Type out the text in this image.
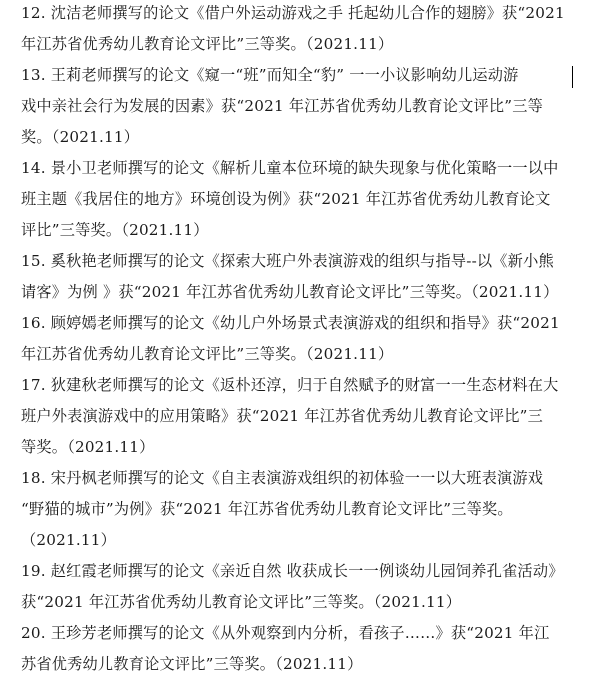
12. 沈洁老师撰写的论文《借户外运动游戏之手 托起幼儿合作的翅膀》获“2021
年江苏省优秀幼儿教育论文评比”三等奖。（2021.11）
13. 王莉老师撰写的论文《窥一“班”而知全“豹” 一一小议影响幼儿运动游
戏中亲社会行为发展的因素》获“2021 年江苏省优秀幼儿教育论文评比”三等
奖。（2021.11）
14. 景小卫老师撰写的论文《解析儿童本位环境的缺失现象与优化策略一一以中
班主题《我居住的地方》环境创设为例》获“2021 年江苏省优秀幼儿教育论文
评比”三等奖。（2021.11）
15. 奚秋艳老师撰写的论文《探索大班户外表演游戏的组织与指导--以《新小熊
请客》为例 》获“2021 年江苏省优秀幼儿教育论文评比”三等奖。（2021.11）
16. 顾婷嫣老师撰写的论文《幼儿户外场景式表演游戏的组织和指导》获“2021
年江苏省优秀幼儿教育论文评比”三等奖。（2021.11）
17. 狄建秋老师撰写的论文《返朴还淳，归于自然赋予的财富一一生态材料在大
班户外表演游戏中的应用策略》获“2021 年江苏省优秀幼儿教育论文评比”三
等奖。（2021.11）
18. 宋丹枫老师撰写的论文《自主表演游戏组织的初体验一一以大班表演游戏
“野猫的城市”为例》获“2021 年江苏省优秀幼儿教育论文评比”三等奖。
（2021.11）
19. 赵红霞老师撰写的论文《亲近自然 收获成长一一例谈幼儿园饲养孔雀活动》
获“2021 年江苏省优秀幼儿教育论文评比”三等奖。（2021.11）
20. 王珍芳老师撰写的论文《从外观察到内分析，看孩子……》获“2021 年江
苏省优秀幼儿教育论文评比”三等奖。（2021.11）
